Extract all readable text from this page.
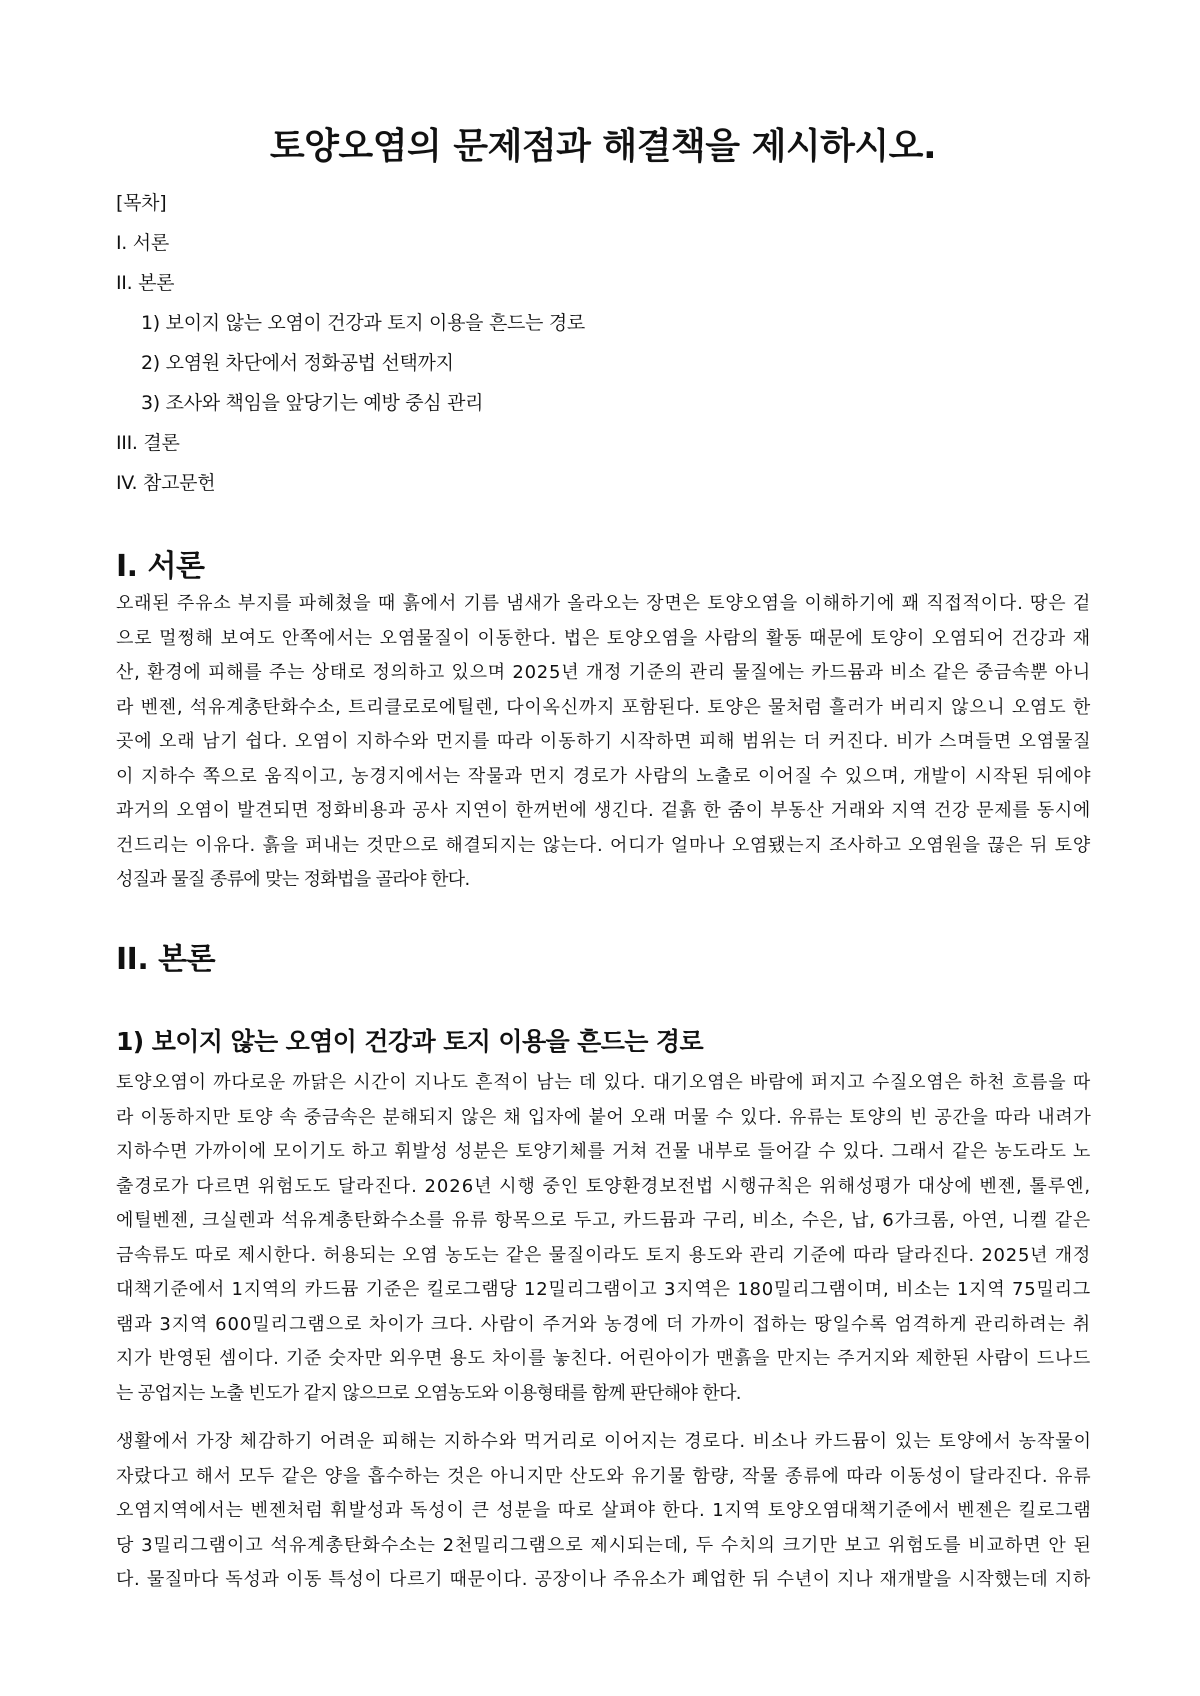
토양오염의 문제점과 해결책을 제시하시오.
[목차]
I. 서론
II. 본론
1) 보이지 않는 오염이 건강과 토지 이용을 흔드는 경로
2) 오염원 차단에서 정화공법 선택까지
3) 조사와 책임을 앞당기는 예방 중심 관리
III. 결론
IV. 참고문헌
I. 서론
오래된 주유소 부지를 파헤쳤을 때 흙에서 기름 냄새가 올라오는 장면은 토양오염을 이해하기에 꽤 직접적이다. 땅은 겉
으로 멀쩡해 보여도 안쪽에서는 오염물질이 이동한다. 법은 토양오염을 사람의 활동 때문에 토양이 오염되어 건강과 재
산, 환경에 피해를 주는 상태로 정의하고 있으며 2025년 개정 기준의 관리 물질에는 카드뮴과 비소 같은 중금속뿐 아니
라 벤젠, 석유계총탄화수소, 트리클로로에틸렌, 다이옥신까지 포함된다. 토양은 물처럼 흘러가 버리지 않으니 오염도 한
곳에 오래 남기 쉽다. 오염이 지하수와 먼지를 따라 이동하기 시작하면 피해 범위는 더 커진다. 비가 스며들면 오염물질
이 지하수 쪽으로 움직이고, 농경지에서는 작물과 먼지 경로가 사람의 노출로 이어질 수 있으며, 개발이 시작된 뒤에야
과거의 오염이 발견되면 정화비용과 공사 지연이 한꺼번에 생긴다. 겉흙 한 줌이 부동산 거래와 지역 건강 문제를 동시에
건드리는 이유다. 흙을 퍼내는 것만으로 해결되지는 않는다. 어디가 얼마나 오염됐는지 조사하고 오염원을 끊은 뒤 토양
성질과 물질 종류에 맞는 정화법을 골라야 한다.
II. 본론
1) 보이지 않는 오염이 건강과 토지 이용을 흔드는 경로
토양오염이 까다로운 까닭은 시간이 지나도 흔적이 남는 데 있다. 대기오염은 바람에 퍼지고 수질오염은 하천 흐름을 따
라 이동하지만 토양 속 중금속은 분해되지 않은 채 입자에 붙어 오래 머물 수 있다. 유류는 토양의 빈 공간을 따라 내려가
지하수면 가까이에 모이기도 하고 휘발성 성분은 토양기체를 거쳐 건물 내부로 들어갈 수 있다. 그래서 같은 농도라도 노
출경로가 다르면 위험도도 달라진다. 2026년 시행 중인 토양환경보전법 시행규칙은 위해성평가 대상에 벤젠, 톨루엔,
에틸벤젠, 크실렌과 석유계총탄화수소를 유류 항목으로 두고, 카드뮴과 구리, 비소, 수은, 납, 6가크롬, 아연, 니켈 같은
금속류도 따로 제시한다. 허용되는 오염 농도는 같은 물질이라도 토지 용도와 관리 기준에 따라 달라진다. 2025년 개정
대책기준에서 1지역의 카드뮴 기준은 킬로그램당 12밀리그램이고 3지역은 180밀리그램이며, 비소는 1지역 75밀리그
램과 3지역 600밀리그램으로 차이가 크다. 사람이 주거와 농경에 더 가까이 접하는 땅일수록 엄격하게 관리하려는 취
지가 반영된 셈이다. 기준 숫자만 외우면 용도 차이를 놓친다. 어린아이가 맨흙을 만지는 주거지와 제한된 사람이 드나드
는 공업지는 노출 빈도가 같지 않으므로 오염농도와 이용형태를 함께 판단해야 한다.
생활에서 가장 체감하기 어려운 피해는 지하수와 먹거리로 이어지는 경로다. 비소나 카드뮴이 있는 토양에서 농작물이
자랐다고 해서 모두 같은 양을 흡수하는 것은 아니지만 산도와 유기물 함량, 작물 종류에 따라 이동성이 달라진다. 유류
오염지역에서는 벤젠처럼 휘발성과 독성이 큰 성분을 따로 살펴야 한다. 1지역 토양오염대책기준에서 벤젠은 킬로그램
당 3밀리그램이고 석유계총탄화수소는 2천밀리그램으로 제시되는데, 두 수치의 크기만 보고 위험도를 비교하면 안 된
다. 물질마다 독성과 이동 특성이 다르기 때문이다. 공장이나 주유소가 폐업한 뒤 수년이 지나 재개발을 시작했는데 지하
